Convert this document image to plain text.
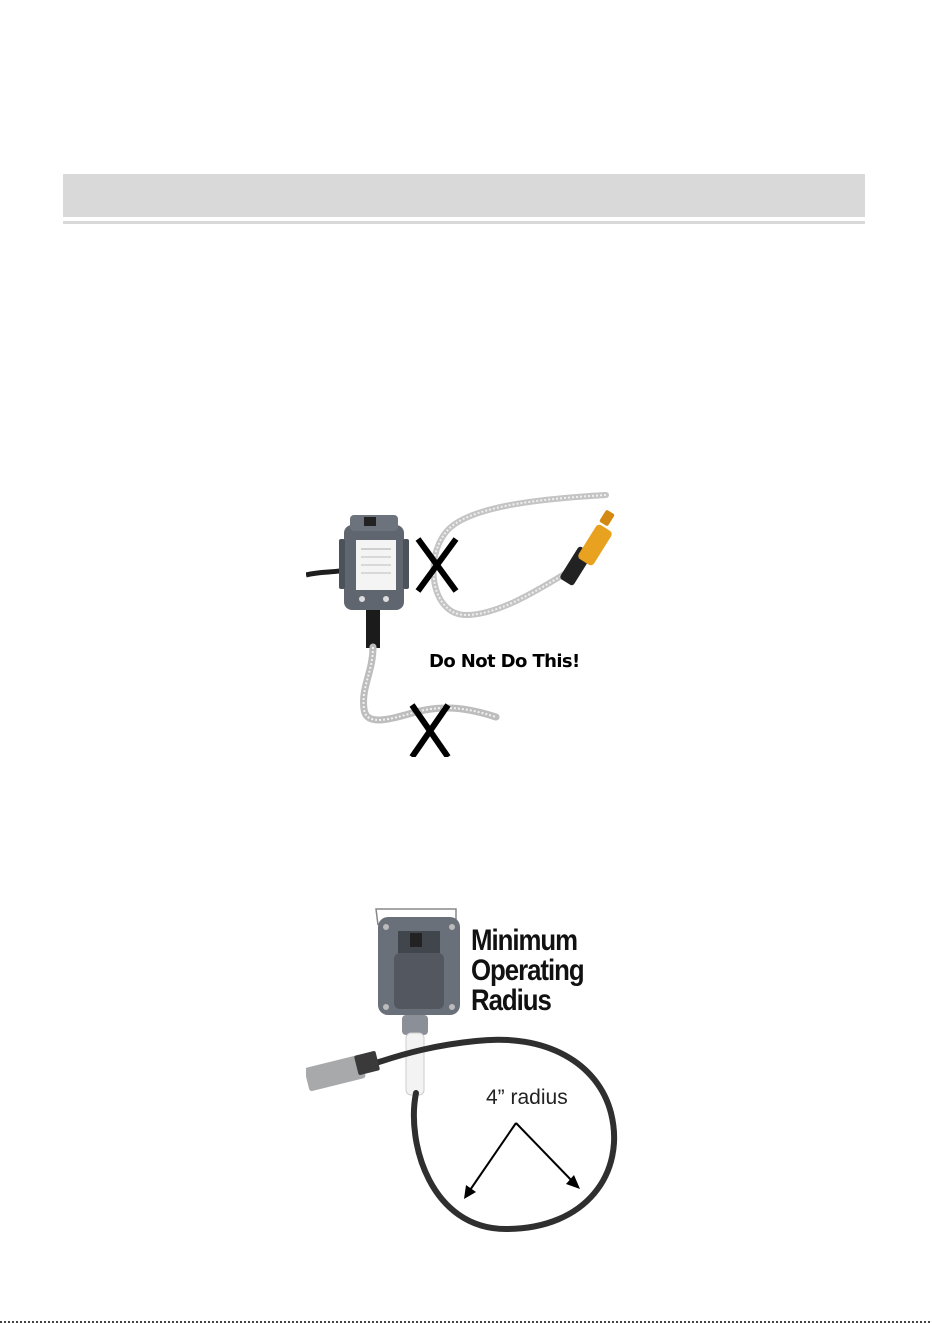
Do Not Do This!
Minimum
Operating
Radius
4” radius
